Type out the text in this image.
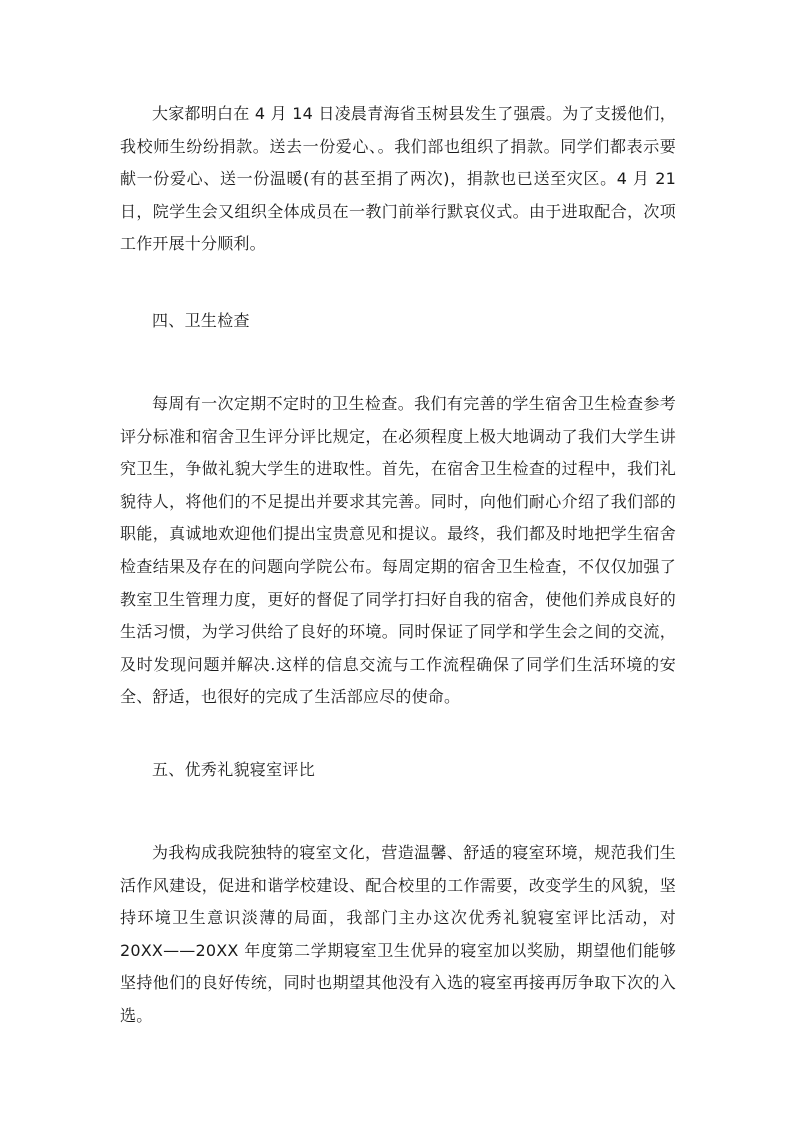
大家都明白在 4 月 14 日凌晨青海省玉树县发生了强震。为了支援他们，我校师生纷纷捐款。送去一份爱心、。我们部也组织了捐款。同学们都表示要献一份爱心、送一份温暖(有的甚至捐了两次)，捐款也已送至灾区。4 月 21 日，院学生会又组织全体成员在一教门前举行默哀仪式。由于进取配合，次项工作开展十分顺利。

四、卫生检查

每周有一次定期不定时的卫生检查。我们有完善的学生宿舍卫生检查参考评分标准和宿舍卫生评分评比规定，在必须程度上极大地调动了我们大学生讲究卫生，争做礼貌大学生的进取性。首先，在宿舍卫生检查的过程中，我们礼貌待人，将他们的不足提出并要求其完善。同时，向他们耐心介绍了我们部的职能，真诚地欢迎他们提出宝贵意见和提议。最终，我们都及时地把学生宿舍检查结果及存在的问题向学院公布。每周定期的宿舍卫生检查，不仅仅加强了教室卫生管理力度，更好的督促了同学打扫好自我的宿舍，使他们养成良好的生活习惯，为学习供给了良好的环境。同时保证了同学和学生会之间的交流，及时发现问题并解决.这样的信息交流与工作流程确保了同学们生活环境的安全、舒适，也很好的完成了生活部应尽的使命。

五、优秀礼貌寝室评比

为我构成我院独特的寝室文化，营造温馨、舒适的寝室环境，规范我们生活作风建设，促进和谐学校建设、配合校里的工作需要，改变学生的风貌，坚持环境卫生意识淡薄的局面，我部门主办这次优秀礼貌寝室评比活动，对20XX——20XX 年度第二学期寝室卫生优异的寝室加以奖励，期望他们能够坚持他们的良好传统，同时也期望其他没有入选的寝室再接再厉争取下次的入选。
